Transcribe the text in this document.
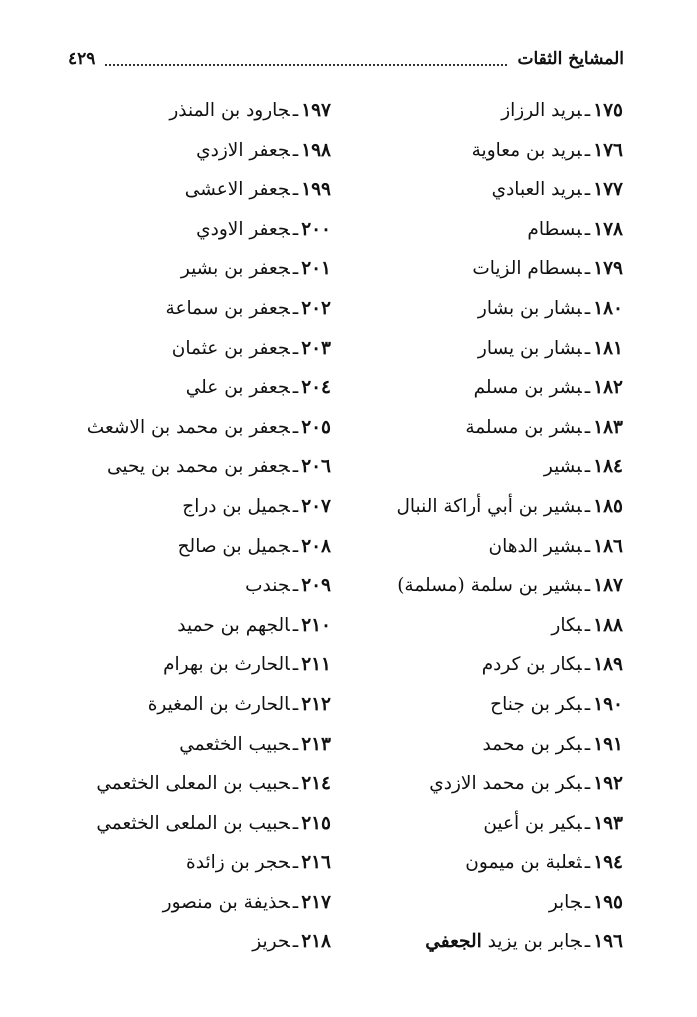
المشايخ الثقات
٤٢٩
١٧٥ـبريد الرزاز
١٧٦ـبريد بن معاوية
١٧٧ـبريد العبادي
١٧٨ـبسطام
١٧٩ـبسطام الزيات
١٨٠ـبشار بن بشار
١٨١ـبشار بن يسار
١٨٢ـبشر بن مسلم
١٨٣ـبشر بن مسلمة
١٨٤ـبشير
١٨٥ـبشير بن أبي أراكة النبال
١٨٦ـبشير الدهان
١٨٧ـبشير بن سلمة (مسلمة)
١٨٨ـبكار
١٨٩ـبكار بن كردم
١٩٠ـبكر بن جناح
١٩١ـبكر بن محمد
١٩٢ـبكر بن محمد الازدي
١٩٣ـبكير بن أعين
١٩٤ـثعلبة بن ميمون
١٩٥ـجابر
١٩٦ـجابر بن يزيد الجعفي
١٩٧ـجارود بن المنذر
١٩٨ـجعفر الازدي
١٩٩ـجعفر الاعشى
٢٠٠ـجعفر الاودي
٢٠١ـجعفر بن بشير
٢٠٢ـجعفر بن سماعة
٢٠٣ـجعفر بن عثمان
٢٠٤ـجعفر بن علي
٢٠٥ـجعفر بن محمد بن الاشعث
٢٠٦ـجعفر بن محمد بن يحيى
٢٠٧ـجميل بن دراج
٢٠٨ـجميل بن صالح
٢٠٩ـجندب
٢١٠ـالجهم بن حميد
٢١١ـالحارث بن بهرام
٢١٢ـالحارث بن المغيرة
٢١٣ـحبيب الخثعمي
٢١٤ـحبيب بن المعلى الخثعمي
٢١٥ـحبيب بن الملعى الخثعمي
٢١٦ـحجر بن زائدة
٢١٧ـحذيفة بن منصور
٢١٨ـحريز
